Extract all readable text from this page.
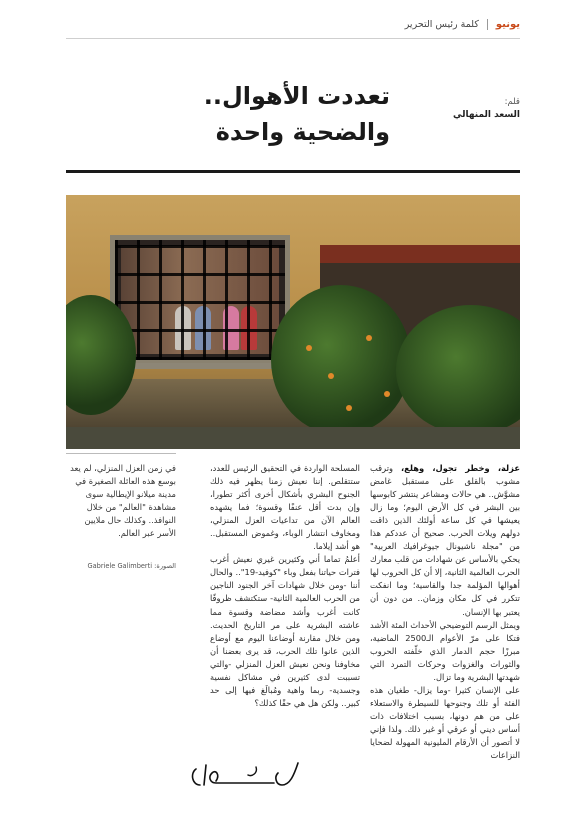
يونيو
كلمة رئيس التحرير
تعددت الأهوال..
والضحية واحدة
قلم:
السعد المنهالي
في زمن العزل المنزلي، لم يعد بوسع هذه العائلة الصغيرة في مدينة ميلانو الإيطالية سوى مشاهدة "العالم" من خلال النوافذ.. وكذلك حال ملايين الأسر عبر العالم.
الصورة: Gabriele Galimberti

عزلة، وخطر تجول، وهلع، وترقب مشوب بالقلق على مستقبل غامض مشوَّش.. هي حالات ومشاعر ينتشر كابوسها بين البشر في كل الأرض اليوم؛ وما زال يعيشها في كل ساعة أولئك الذين ذاقت دولهم ويلات الحرب. صحيح أن عددكم هذا من "مجلة ناشيونال جيوغرافيك العربية" يحكي بالأساس عن شهادات من قلب معارك الحرب العالمية الثانية، إلا أن كل الحروب لها أهوالها المؤلمة جدا والقاسية؛ وما انفكت تتكرر في كل مكان وزمان.. من دون أن يعتبر بها الإنسان.

ويمثل الرسم التوضيحي الأحداث المئة الأشد فتكا على مرّ الأعوام الـ2500 الماضية، مبرزًا حجم الدمار الذي خلّفته الحروب والثورات والغزوات وحركات التمرد التي شهدتها البشرية وما تزال.

على الإنسان كثيرا -وما يزال- طغيان هذه الفئة أو تلك وجنوحها للسيطرة والاستعلاء على من هم دونها، بسبب اختلافات ذات أساس ديني أو عرقي أو غير ذلك. ولذا فإني لا أتصور أن الأرقام المليونية المهولة لضحايا النزاعات

المسلحة الواردة في التحقيق الرئيس للعدد، ستتقلص. إننا نعيش زمنا يظهر فيه ذلك الجنوح البشري بأشكال أخرى أكثر تطورا، وإن بدت أقل عنفًا وقسوة؛ فما يشهده العالم الآن من تداعيات العزل المنزلي، ومخاوف انتشار الوباء، وغموض المستقبل.. هو أشد إيلاما.

أعلمُ تماما أني وكثيرين غيري نعيش أغرب فترات حياتنا بفعل وباء "كوفيد-19".. والحال أننا -ومن خلال شهادات آخر الجنود الناجين من الحرب العالمية الثانية- ستكتشف ظروفًا كانت أغرب وأشد مضاضة وقسوة مما عاشته البشرية على مر التاريخ الحديث. ومن خلال مقارنة أوضاعنا اليوم مع أوضاع الذين عانوا تلك الحرب، قد يرى بعضنا أن مخاوفنا ونحن نعيش العزل المنزلي -والتي تسببت لدى كثيرين في مشاكل نفسية وجسدية- ربما واهية ومُبالَغ فيها إلى حد كبير.. ولكن هل هي حقًا كذلك؟
